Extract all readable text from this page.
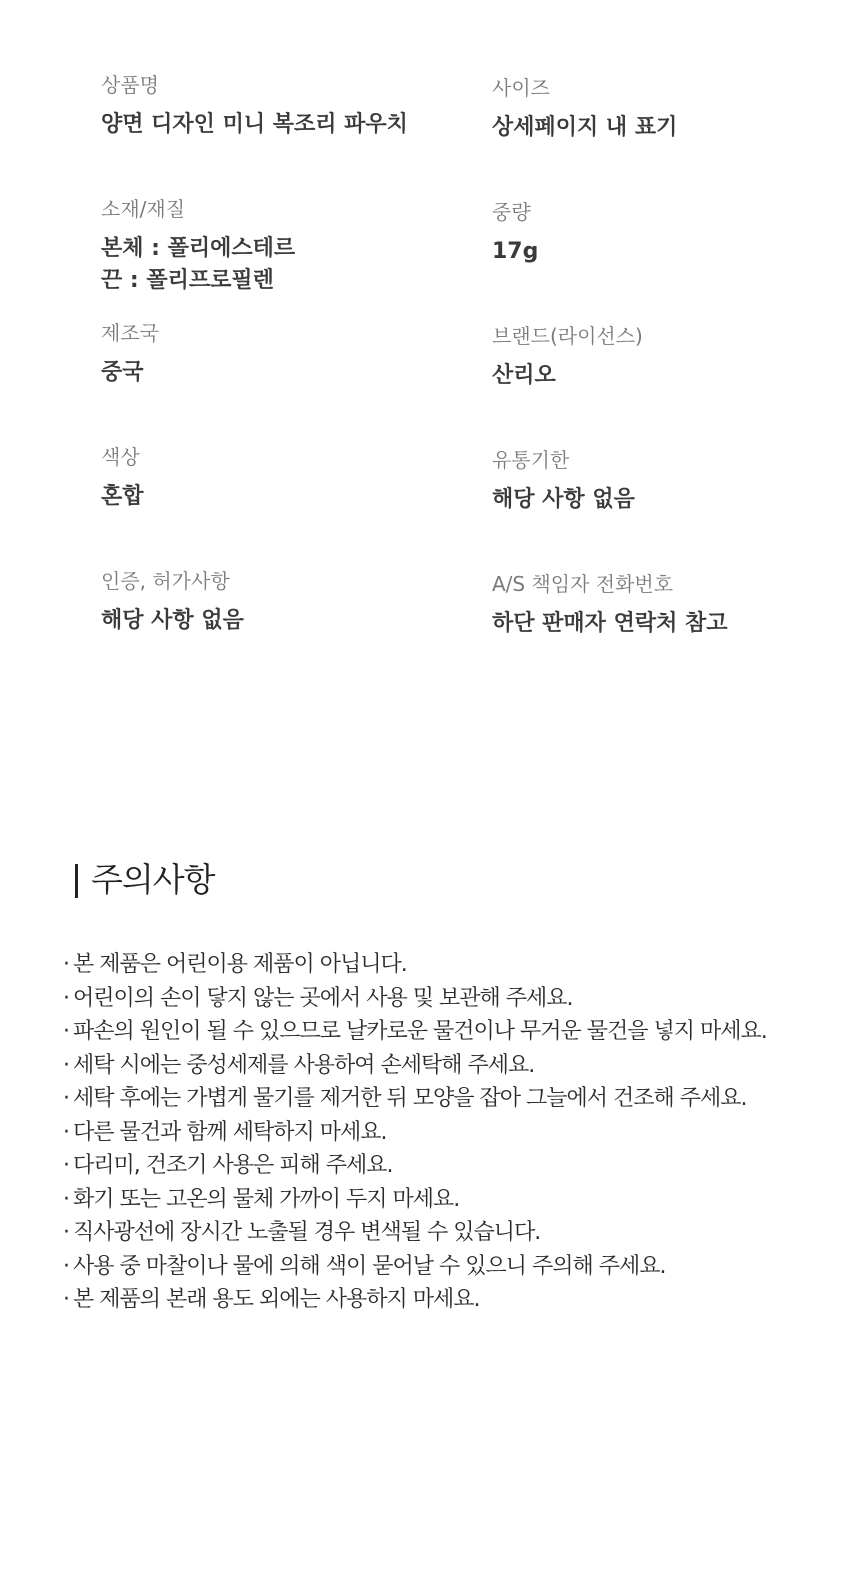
상품명
양면 디자인 미니 복조리 파우치
사이즈
상세페이지 내 표기
소재/재질
본체 : 폴리에스테르
끈 : 폴리프로필렌
중량
17g
제조국
중국
브랜드(라이선스)
산리오
색상
혼합
유통기한
해당 사항 없음
인증, 허가사항
해당 사항 없음
A/S 책임자 전화번호
하단 판매자 연락처 참고
주의사항
· 본 제품은 어린이용 제품이 아닙니다.
· 어린이의 손이 닿지 않는 곳에서 사용 및 보관해 주세요.
· 파손의 원인이 될 수 있으므로 날카로운 물건이나 무거운 물건을 넣지 마세요.
· 세탁 시에는 중성세제를 사용하여 손세탁해 주세요.
· 세탁 후에는 가볍게 물기를 제거한 뒤 모양을 잡아 그늘에서 건조해 주세요.
· 다른 물건과 함께 세탁하지 마세요.
· 다리미, 건조기 사용은 피해 주세요.
· 화기 또는 고온의 물체 가까이 두지 마세요.
· 직사광선에 장시간 노출될 경우 변색될 수 있습니다.
· 사용 중 마찰이나 물에 의해 색이 묻어날 수 있으니 주의해 주세요.
· 본 제품의 본래 용도 외에는 사용하지 마세요.
